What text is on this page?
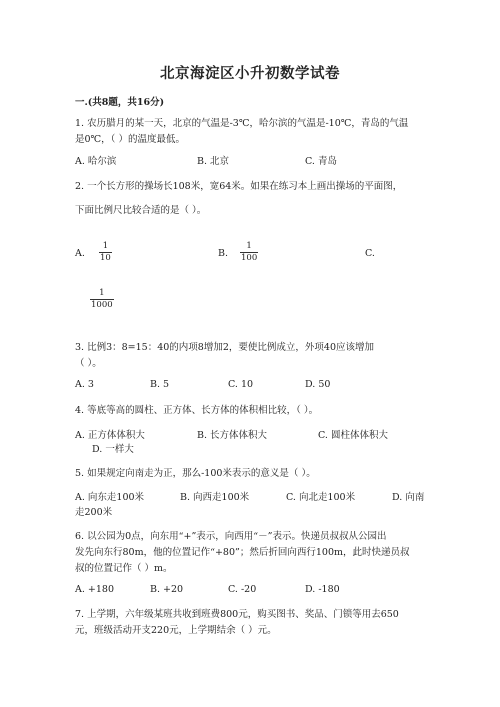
北京海淀区小升初数学试卷
一.(共8题，共16分)
1. 农历腊月的某一天，北京的气温是-3℃，哈尔滨的气温是-10℃，青岛的气温
是0℃，（ ）的温度最低。
A. 哈尔滨	B. 北京	C. 青岛
2. 一个长方形的操场长108米，宽64米。如果在练习本上画出操场的平面图，
下面比例尺比较合适的是（ ）。
A.
1
10	B.
1
100	C.
1
1000
3. 比例3：8=15：40的内项8增加2，要使比例成立，外项40应该增加
（ ）。
A. 3	B. 5	C. 10	D. 50
4. 等底等高的圆柱、正方体、长方体的体积相比较，（ ）。
A. 正方体体积大	B. 长方体体积大	C. 圆柱体体积大
D. 一样大
5. 如果规定向南走为正，那么-100米表示的意义是（ ）。
A. 向东走100米	B. 向西走100米	C. 向北走100米	D. 向南
走200米
6. 以公园为0点，向东用“+”表示，向西用“－”表示。快递员叔叔从公园出
发先向东行80m，他的位置记作“+80”；然后折回向西行100m，此时快递员叔
叔的位置记作（ ）m。
A. +180	B. +20	C. -20	D. -180
7. 上学期，六年级某班共收到班费800元，购买图书、奖品、门锁等用去650
元，班级活动开支220元，上学期结余（ ）元。
